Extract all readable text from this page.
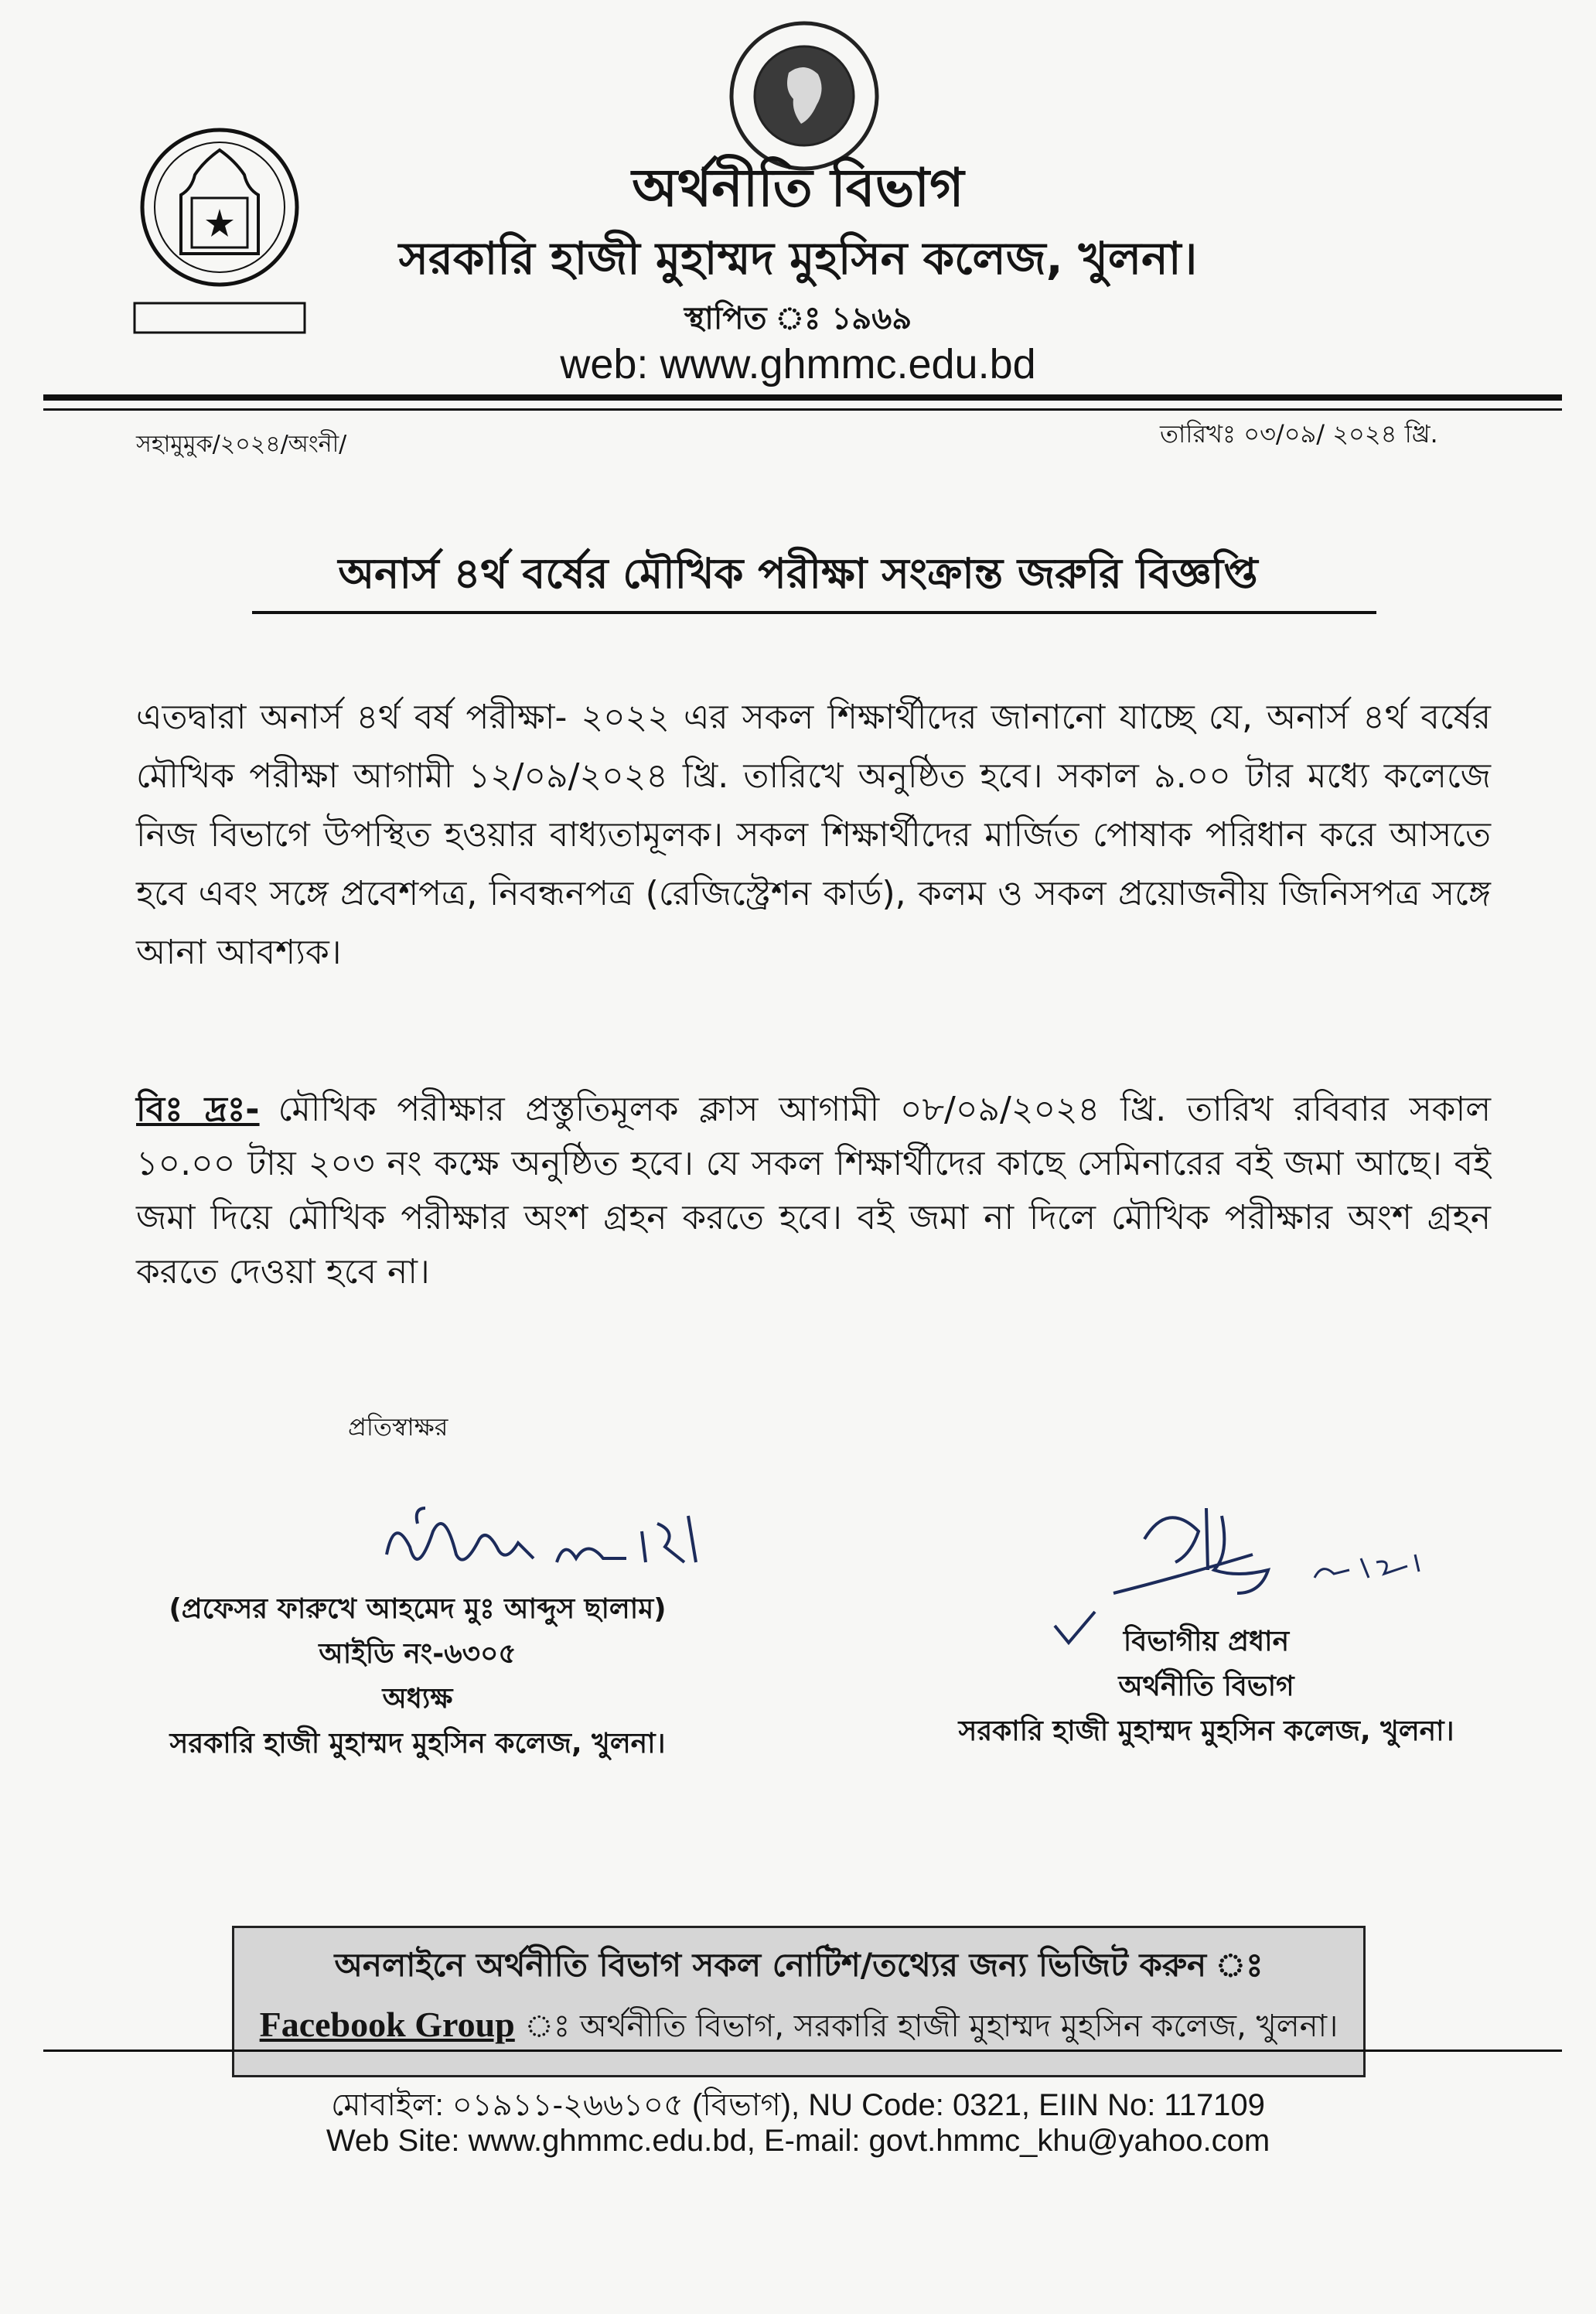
অর্থনীতি বিভাগ
সরকারি হাজী মুহাম্মদ মুহসিন কলেজ, খুলনা।
স্থাপিত ঃ ১৯৬৯
web: www.ghmmc.edu.bd
সহামুমুক/২০২৪/অংনী/	তারিখঃ ০৩/০৯/ ২০২৪ খ্রি.
অনার্স ৪র্থ বর্ষের মৌখিক পরীক্ষা সংক্রান্ত জরুরি বিজ্ঞপ্তি
এতদ্বারা অনার্স ৪র্থ বর্ষ পরীক্ষা- ২০২২ এর সকল শিক্ষার্থীদের জানানো যাচ্ছে যে, অনার্স ৪র্থ বর্ষের মৌখিক পরীক্ষা আগামী ১২/০৯/২০২৪ খ্রি. তারিখে অনুষ্ঠিত হবে। সকাল ৯.০০ টার মধ্যে কলেজে নিজ বিভাগে উপস্থিত হওয়ার বাধ্যতামূলক। সকল শিক্ষার্থীদের মার্জিত পোষাক পরিধান করে আসতে হবে এবং সঙ্গে প্রবেশপত্র, নিবন্ধনপত্র (রেজিস্ট্রেশন কার্ড), কলম ও সকল প্রয়োজনীয় জিনিসপত্র সঙ্গে আনা আবশ্যক।
বিঃ দ্রঃ- মৌখিক পরীক্ষার প্রস্তুতিমূলক ক্লাস আগামী ০৮/০৯/২০২৪ খ্রি. তারিখ রবিবার সকাল ১০.০০ টায় ২০৩ নং কক্ষে অনুষ্ঠিত হবে। যে সকল শিক্ষার্থীদের কাছে সেমিনারের বই জমা আছে। বই জমা দিয়ে মৌখিক পরীক্ষার অংশ গ্রহন করতে হবে। বই জমা না দিলে মৌখিক পরীক্ষার অংশ গ্রহন করতে দেওয়া হবে না।
প্রতিস্বাক্ষর
(প্রফেসর ফারুখে আহমেদ মুঃ আব্দুস ছালাম)
আইডি নং-৬৩০৫
অধ্যক্ষ
সরকারি হাজী মুহাম্মদ মুহসিন কলেজ, খুলনা।
বিভাগীয় প্রধান
অর্থনীতি বিভাগ
সরকারি হাজী মুহাম্মদ মুহসিন কলেজ, খুলনা।
অনলাইনে অর্থনীতি বিভাগ সকল নোটিশ/তথ্যের জন্য ভিজিট করুন ঃ
Facebook Group ঃ অর্থনীতি বিভাগ, সরকারি হাজী মুহাম্মদ মুহসিন কলেজ, খুলনা।
মোবাইল: ০১৯১১-২৬৬১০৫ (বিভাগ), NU Code: 0321, EIIN No: 117109
Web Site: www.ghmmc.edu.bd, E-mail: govt.hmmc_khu@yahoo.com
